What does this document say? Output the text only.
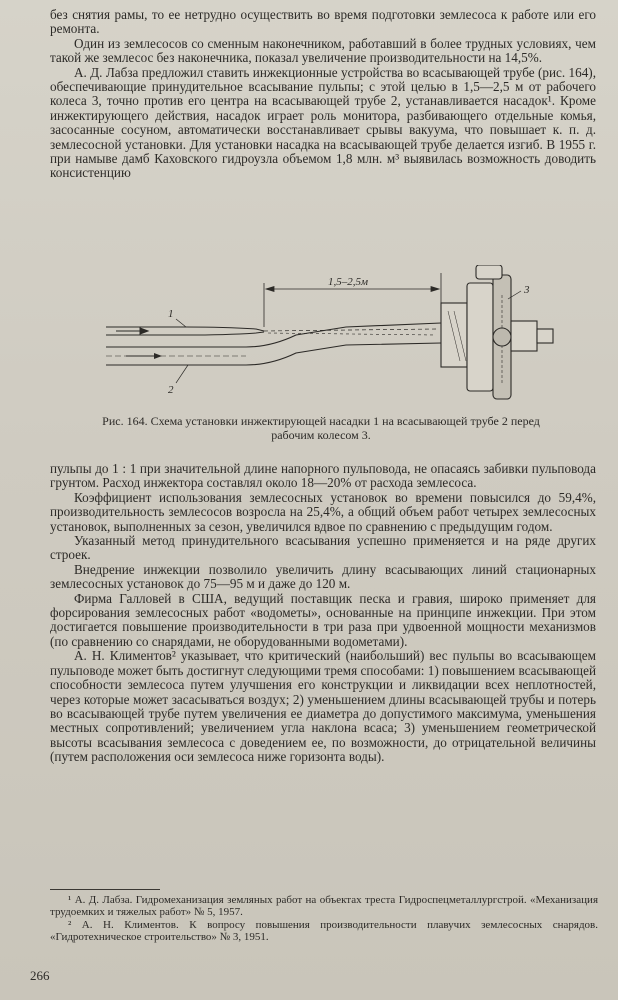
без снятия рамы, то ее нетрудно осуществить во время подготовки землесоса к работе или его ремонта.

Один из землесосов со сменным наконечником, работавший в более трудных условиях, чем такой же землесос без наконечника, показал увеличение производительности на 14,5%.

А. Д. Лабза предложил ставить инжекционные устройства во всасывающей трубе (рис. 164), обеспечивающие принудительное всасывание пульпы; с этой целью в 1,5—2,5 м от рабочего колеса 3, точно против его центра на всасывающей трубе 2, устанавливается насадок¹. Кроме инжектирующего действия, насадок играет роль монитора, разбивающего отдельные комья, засосанные сосуном, автоматически восстанавливает срывы вакуума, что повышает к. п. д. землесосной установки. Для установки насадка на всасывающей трубе делается изгиб. В 1955 г. при намыве дамб Каховского гидроузла объемом 1,8 млн. м³ выявилась возможность доводить консистенцию

1,5–2,5м
1
2
3
Рис. 164. Схема установки инжектирующей насадки 1 на всасывающей трубе 2 перед рабочим колесом 3.

пульпы до 1 : 1 при значительной длине напорного пульповода, не опасаясь забивки пульповода грунтом. Расход инжектора составлял около 18—20% от расхода землесоса.

Коэффициент использования землесосных установок во времени повысился до 59,4%, производительность землесосов возросла на 25,4%, а общий объем работ четырех землесосных установок, выполненных за сезон, увеличился вдвое по сравнению с предыдущим годом.

Указанный метод принудительного всасывания успешно применяется и на ряде других строек.

Внедрение инжекции позволило увеличить длину всасывающих линий стационарных землесосных установок до 75—95 м и даже до 120 м.

Фирма Галловей в США, ведущий поставщик песка и гравия, широко применяет для форсирования землесосных работ «водометы», основанные на принципе инжекции. При этом достигается повышение производительности в три раза при удвоенной мощности механизмов (по сравнению со снарядами, не оборудованными водометами).

А. Н. Климентов² указывает, что критический (наибольший) вес пульпы во всасывающем пульповоде может быть достигнут следующими тремя способами: 1) повышением всасывающей способности землесоса путем улучшения его конструкции и ликвидации всех неплотностей, через которые может засасываться воздух; 2) уменьшением длины всасывающей трубы и потерь во всасывающей трубе путем увеличения ее диаметра до допустимого максимума, уменьшения местных сопротивлений; увеличением угла наклона всаса; 3) уменьшением геометрической высоты всасывания землесоса с доведением ее, по возможности, до отрицательной величины (путем расположения оси землесоса ниже горизонта воды).

¹ А. Д. Лабза. Гидромеханизация земляных работ на объектах треста Гидроспецметаллургстрой. «Механизация трудоемких и тяжелых работ» № 5, 1957.

² А. Н. Климентов. К вопросу повышения производительности плавучих землесосных снарядов. «Гидротехническое строительство» № 3, 1951.

266
